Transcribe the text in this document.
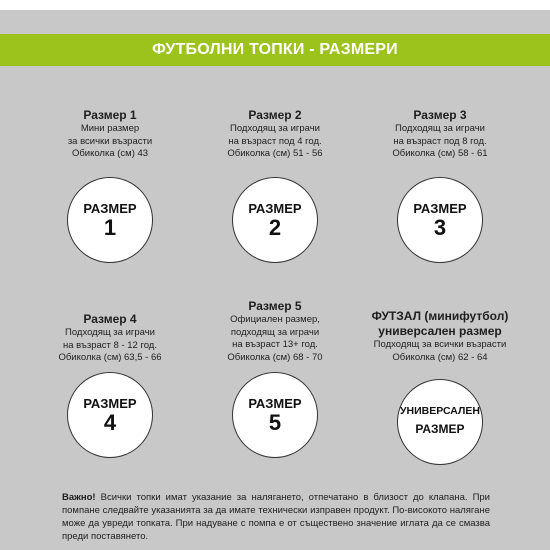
ФУТБОЛНИ ТОПКИ - РАЗМЕРИ
Размер 1
Мини размер
за всички възрасти
Обиколка (см) 43
РАЗМЕР
1
Размер 2
Подходящ за играчи
на възраст под 4 год.
Обиколка (см) 51 - 56
РАЗМЕР
2
Размер 3
Подходящ за играчи
на възраст под 8 год.
Обиколка (см) 58 - 61
РАЗМЕР
3
Размер 4
Подходящ за играчи
на възраст 8 - 12 год.
Обиколка (см) 63,5 - 66
РАЗМЕР
4
Размер 5
Официален размер,
подходящ за играчи
на възраст 13+ год.
Обиколка (см) 68 - 70
РАЗМЕР
5
ФУТЗАЛ (минифутбол)
универсален размер
Подходящ за всички възрасти
Обиколка (см) 62 - 64
УНИВЕРСАЛЕН
РАЗМЕР
Важно! Всички топки имат указание за налягането, отпечатано в близост до клапана. При помпане следвайте указанията за да имате технически изправен продукт. По-високото налягане може да увреди топката. При надуване с помпа е от съществено значение иглата да се смазва преди поставянето.
